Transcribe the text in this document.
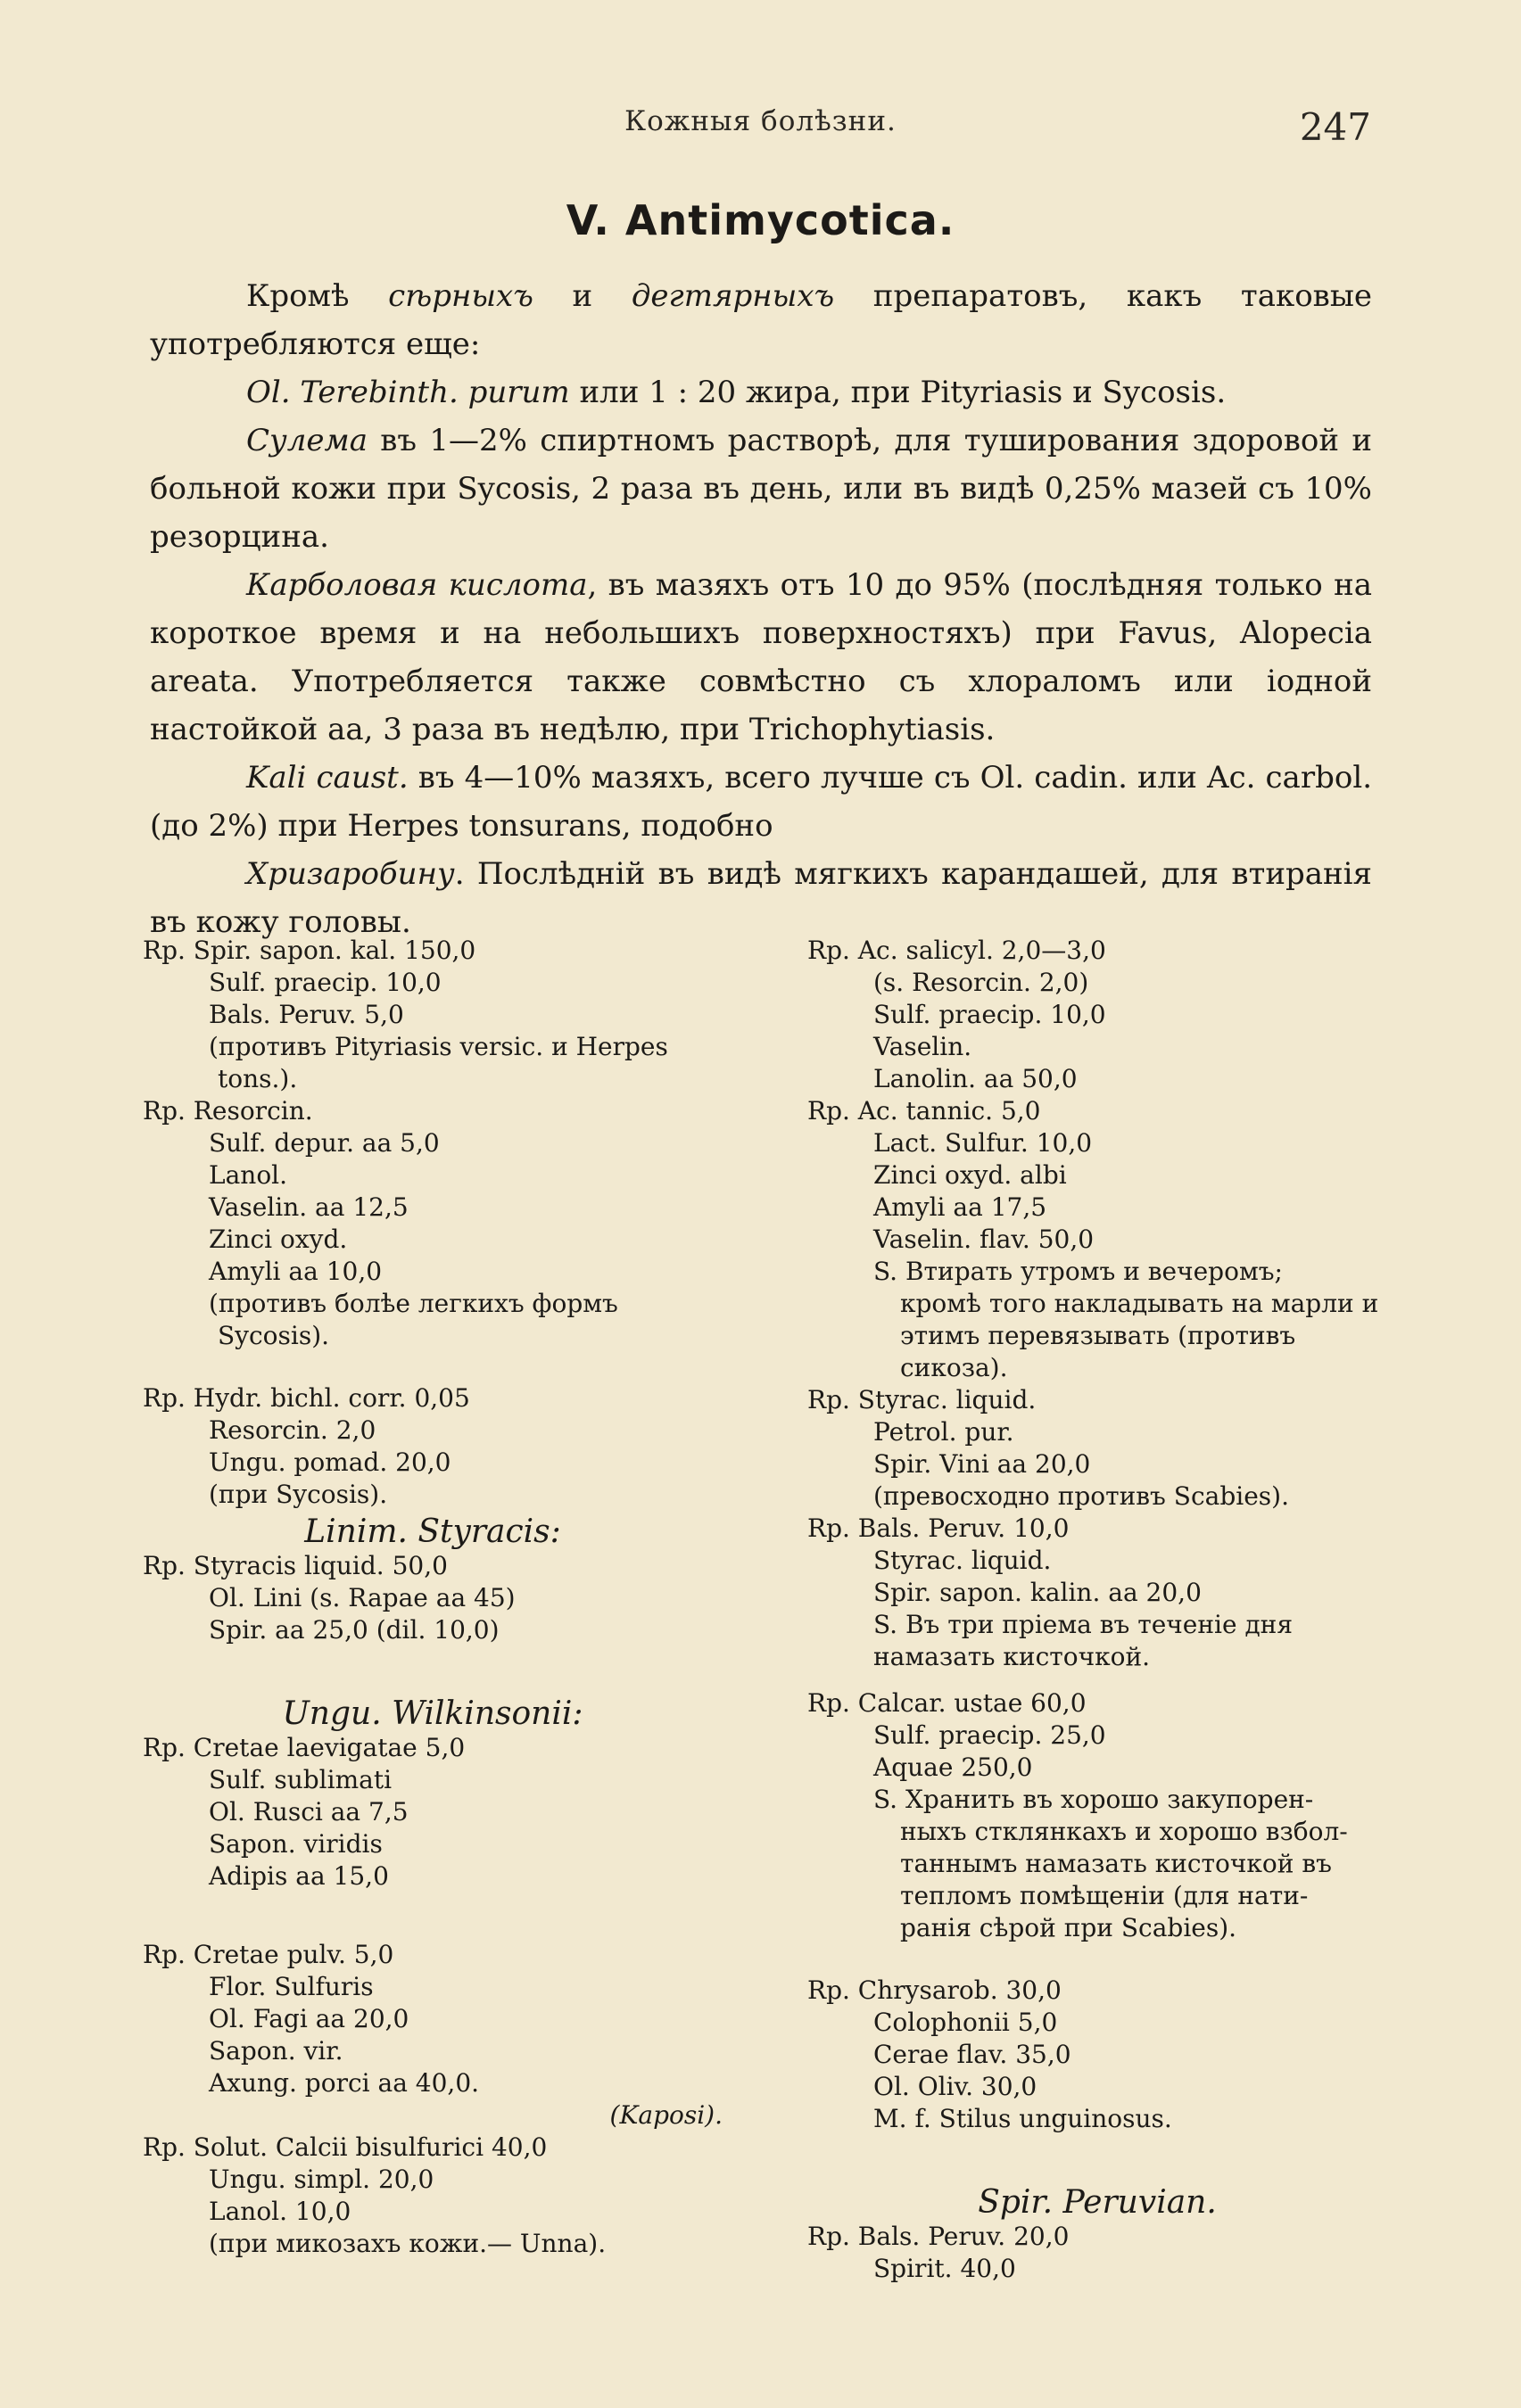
Кожныя болѣзни.	247
V. Antimycotica.

Кромѣ сѣрныхъ и дегтярныхъ препаратовъ, какъ таковые употребляются еще:

Ol. Terebinth. purum или 1 : 20 жира, при Pityriasis и Sycosis.

Сулема въ 1—2% спиртномъ растворѣ, для туширования здоровой и больной кожи при Sycosis, 2 раза въ день, или въ видѣ 0,25% мазей съ 10% резорцина.

Карболовая кислота, въ мазяхъ отъ 10 до 95% (послѣдняя только на короткое время и на небольшихъ поверхностяхъ) при Favus, Alopecia areata. Употребляется также совмѣстно съ хлораломъ или іодной настойкой aa, 3 раза въ недѣлю, при Trichophytiasis.

Kali caust. въ 4—10% мазяхъ, всего лучше съ Ol. cadin. или Ac. carbol. (до 2%) при Herpes tonsurans, подобно

Хризаробину. Послѣдній въ видѣ мягкихъ карандашей, для втиранія въ кожу головы.

Rp. Spir. sapon. kal. 150,0
Sulf. praecip. 10,0
Bals. Peruv. 5,0
(противъ Pityriasis versic. и Herpes
tons.).
Rp. Resorcin.
Sulf. depur. aa 5,0
Lanol.
Vaselin. aa 12,5
Zinci oxyd.
Amyli aa 10,0
(противъ болѣе легкихъ формъ
Sycosis).
Rp. Hydr. bichl. corr. 0,05
Resorcin. 2,0
Ungu. pomad. 20,0
(при Sycosis).
Linim. Styracis:
Rp. Styracis liquid. 50,0
Ol. Lini (s. Rapae aa 45)
Spir. aa 25,0 (dil. 10,0)
Ungu. Wilkinsonii:
Rp. Cretae laevigatae 5,0
Sulf. sublimati
Ol. Rusci aa 7,5
Sapon. viridis
Adipis aa 15,0
Rp. Cretae pulv. 5,0
Flor. Sulfuris
Ol. Fagi aa 20,0
Sapon. vir.
Axung. porci aa 40,0.
(Kaposi).
Rp. Solut. Calcii bisulfurici 40,0
Ungu. simpl. 20,0
Lanol. 10,0
(при микозахъ кожи.— Unna).
Rp. Ac. salicyl. 2,0—3,0
(s. Resorcin. 2,0)
Sulf. praecip. 10,0
Vaselin.
Lanolin. aa 50,0
Rp. Ac. tannic. 5,0
Lact. Sulfur. 10,0
Zinci oxyd. albi
Amyli aa 17,5
Vaselin. flav. 50,0
S. Втирать утромъ и вечеромъ;
кромѣ того накладывать на марли и этимъ перевязывать (противъ сикоза).
Rp. Styrac. liquid.
Petrol. pur.
Spir. Vini aa 20,0
(превосходно противъ Scabies).
Rp. Bals. Peruv. 10,0
Styrac. liquid.
Spir. sapon. kalin. aa 20,0
S. Въ три пріема въ теченіе дня
намазать кисточкой.
Rp. Calcar. ustae 60,0
Sulf. praecip. 25,0
Aquae 250,0
S. Хранить въ хорошо закупорен-
ныхъ стклянкахъ и хорошо взбол-
таннымъ намазать кисточкой въ
тепломъ помѣщеніи (для нати-
ранія сѣрой при Scabies).
Rp. Chrysarob. 30,0
Colophonii 5,0
Cerae flav. 35,0
Ol. Oliv. 30,0
M. f. Stilus unguinosus.
Spir. Peruvian.
Rp. Bals. Peruv. 20,0
Spirit. 40,0
